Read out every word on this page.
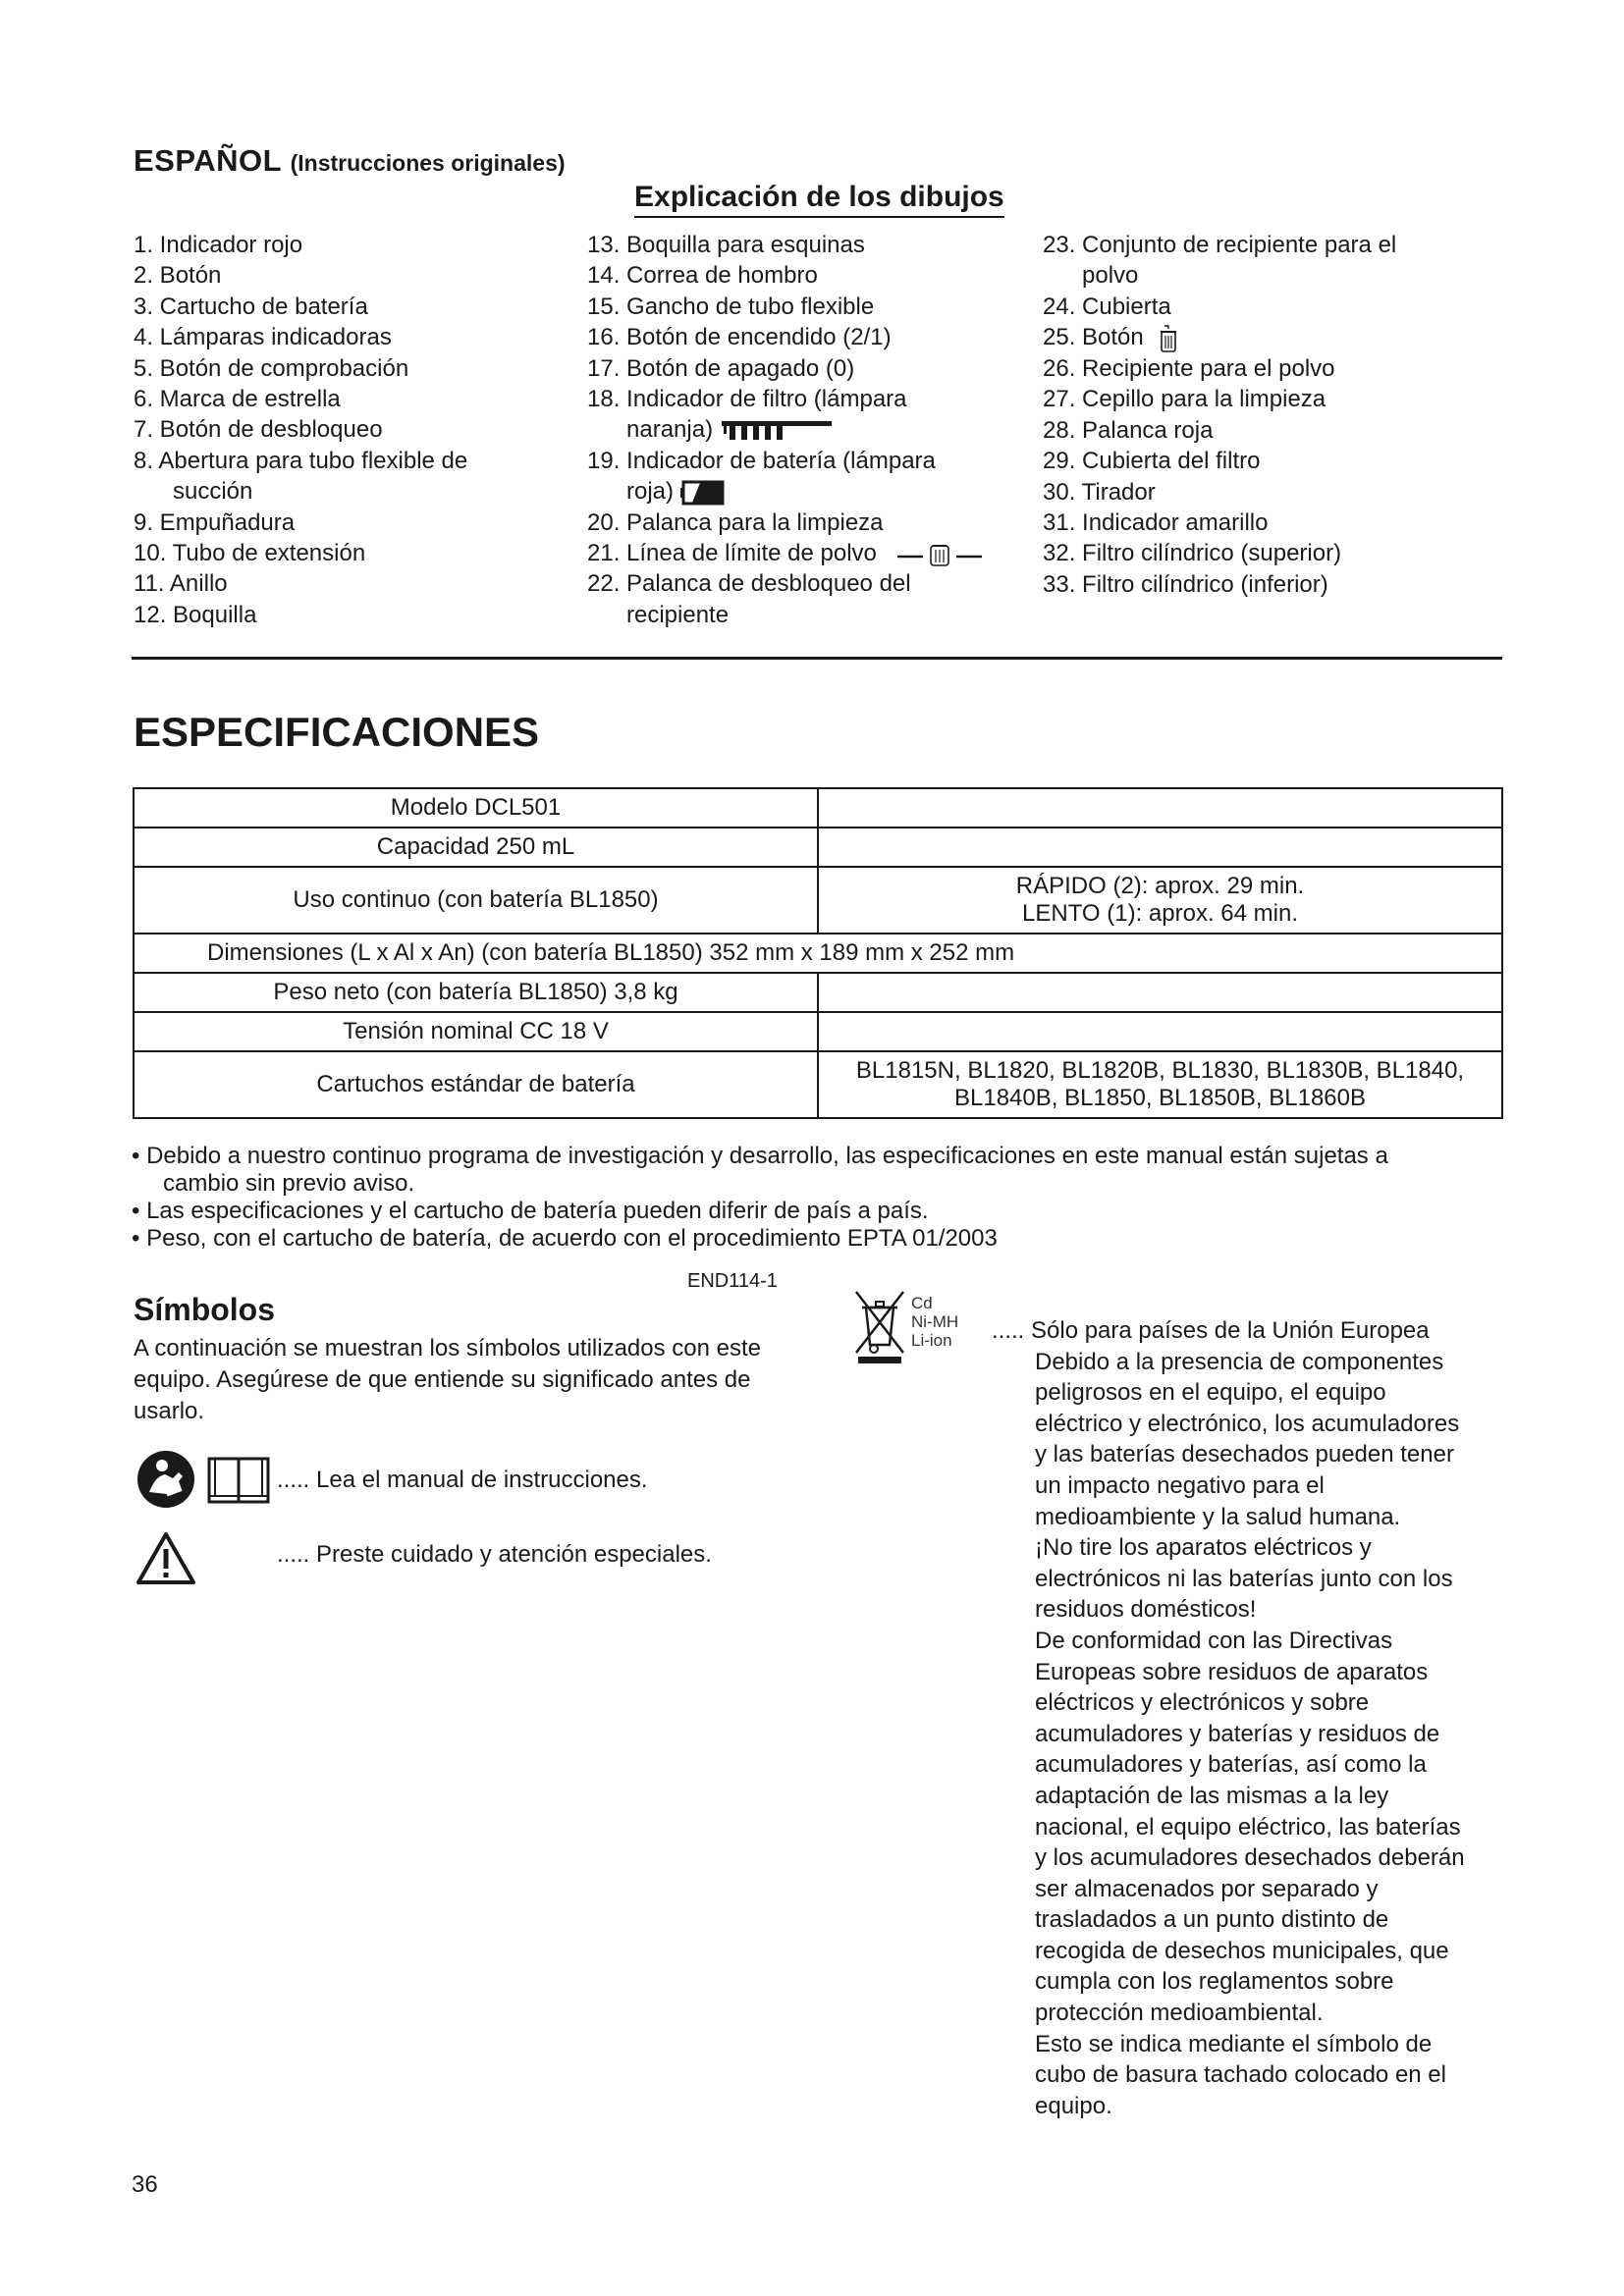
ESPAÑOL (Instrucciones originales)
Explicación de los dibujos
1. Indicador rojo
2. Botón
3. Cartucho de batería
4. Lámparas indicadoras
5. Botón de comprobación
6. Marca de estrella
7. Botón de desbloqueo
8. Abertura para tubo flexible de
succión
9. Empuñadura
10. Tubo de extensión
11. Anillo
12. Boquilla
13. Boquilla para esquinas
14. Correa de hombro
15. Gancho de tubo flexible
16. Botón de encendido (2/1)
17. Botón de apagado (0)
18. Indicador de filtro (lámpara
naranja)
19. Indicador de batería (lámpara
roja)
20. Palanca para la limpieza
21. Línea de límite de polvo
22. Palanca de desbloqueo del
recipiente
23. Conjunto de recipiente para el
polvo
24. Cubierta
25. Botón
26. Recipiente para el polvo
27. Cepillo para la limpieza
28. Palanca roja
29. Cubierta del filtro
30. Tirador
31. Indicador amarillo
32. Filtro cilíndrico (superior)
33. Filtro cilíndrico (inferior)
ESPECIFICACIONES
Modelo DCL501	
Capacidad 250 mL	
Uso continuo (con batería BL1850)	RÁPIDO (2): aprox. 29 min.
LENTO (1): aprox. 64 min.

Dimensiones (L x Al x An) (con batería BL1850) 352 mm x 189 mm x 252 mm	
Peso neto (con batería BL1850) 3,8 kg	
Tensión nominal CC 18 V	
Cartuchos estándar de batería	BL1815N, BL1820, BL1820B, BL1830, BL1830B, BL1840,
BL1840B, BL1850, BL1850B, BL1860B
• Debido a nuestro continuo programa de investigación y desarrollo, las especificaciones en este manual están sujetas a
cambio sin previo aviso.
• Las especificaciones y el cartucho de batería pueden diferir de país a país.
• Peso, con el cartucho de batería, de acuerdo con el procedimiento EPTA 01/2003
END114-1
Símbolos
A continuación se muestran los símbolos utilizados con este equipo. Asegúrese de que entiende su significado antes de usarlo.
..... Lea el manual de instrucciones.
..... Preste cuidado y atención especiales.
Cd
Ni-MH
Li-ion ..... Sólo para países de la Unión Europea
Debido a la presencia de componentes
peligrosos en el equipo, el equipo
eléctrico y electrónico, los acumuladores
y las baterías desechados pueden tener
un impacto negativo para el
medioambiente y la salud humana.
¡No tire los aparatos eléctricos y
electrónicos ni las baterías junto con los
residuos domésticos!
De conformidad con las Directivas
Europeas sobre residuos de aparatos
eléctricos y electrónicos y sobre
acumuladores y baterías y residuos de
acumuladores y baterías, así como la
adaptación de las mismas a la ley
nacional, el equipo eléctrico, las baterías
y los acumuladores desechados deberán
ser almacenados por separado y
trasladados a un punto distinto de
recogida de desechos municipales, que
cumpla con los reglamentos sobre
protección medioambiental.
Esto se indica mediante el símbolo de
cubo de basura tachado colocado en el
equipo.
36
